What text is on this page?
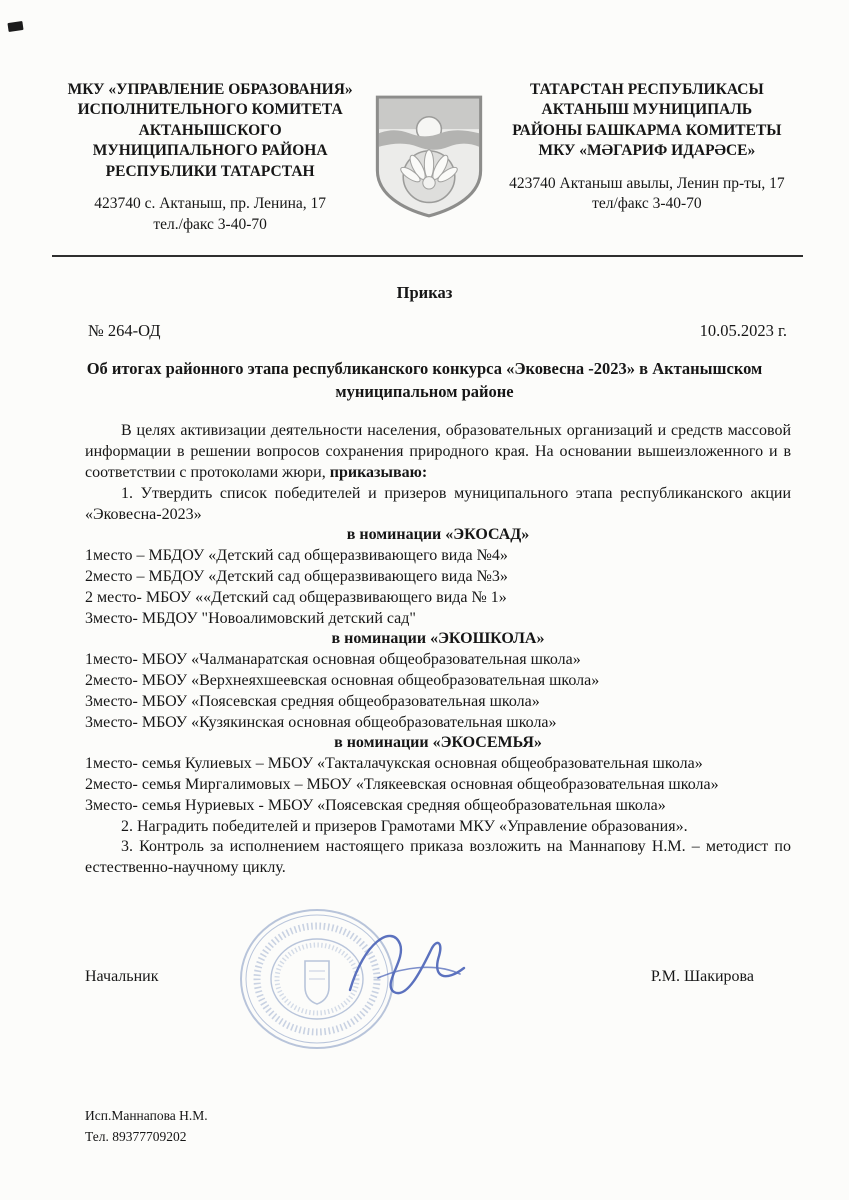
МКУ «УПРАВЛЕНИЕ ОБРАЗОВАНИЯ»
ИСПОЛНИТЕЛЬНОГО КОМИТЕТА
АКТАНЫШСКОГО
МУНИЦИПАЛЬНОГО РАЙОНА
РЕСПУБЛИКИ ТАТАРСТАН
423740 с. Актаныш, пр. Ленина, 17
тел./факс 3-40-70
ТАТАРСТАН РЕСПУБЛИКАСЫ
АКТАНЫШ МУНИЦИПАЛЬ
РАЙОНЫ БАШКАРМА КОМИТЕТЫ
МКУ «МӘГАРИФ ИДАРӘСЕ»
423740 Актаныш авылы, Ленин пр-ты, 17
тел/факс 3-40-70
Приказ
№ 264-ОД	10.05.2023 г.
Об итогах районного этапа республиканского конкурса «Эковесна -2023» в Актанышском муниципальном районе

В целях активизации деятельности населения, образовательных организаций и средств массовой информации в решении вопросов сохранения природного края. На основании вышеизложенного и в соответствии с протоколами жюри, приказываю:

1. Утвердить список победителей и призеров муниципального этапа республиканского акции «Эковесна-2023»

в номинации «ЭКОСАД»

1место – МБДОУ «Детский сад общеразвивающего вида №4»
2место – МБДОУ «Детский сад общеразвивающего вида №3»
2 место- МБОУ ««Детский сад общеразвивающего вида № 1»
3место- МБДОУ "Новоалимовский детский сад"

в номинации «ЭКОШКОЛА»

1место- МБОУ «Чалманаратская основная общеобразовательная школа»
2место- МБОУ «Верхнеяхшеевская основная общеобразовательная школа»
3место- МБОУ «Поясевская средняя общеобразовательная школа»
3место- МБОУ «Кузякинская основная общеобразовательная школа»

в номинации «ЭКОСЕМЬЯ»

1место- семья Кулиевых – МБОУ «Такталачукская основная общеобразовательная школа»
2место- семья Миргалимовых – МБОУ «Тлякеевская основная общеобразовательная школа»
3место- семья Нуриевых - МБОУ «Поясевская средняя общеобразовательная школа»

2. Наградить победителей и призеров Грамотами МКУ «Управление образования».

3. Контроль за исполнением настоящего приказа возложить на Маннапову Н.М. – методист по естественно-научному циклу.

Начальник	Р.М. Шакирова
Исп.Маннапова Н.М.
Тел. 89377709202
